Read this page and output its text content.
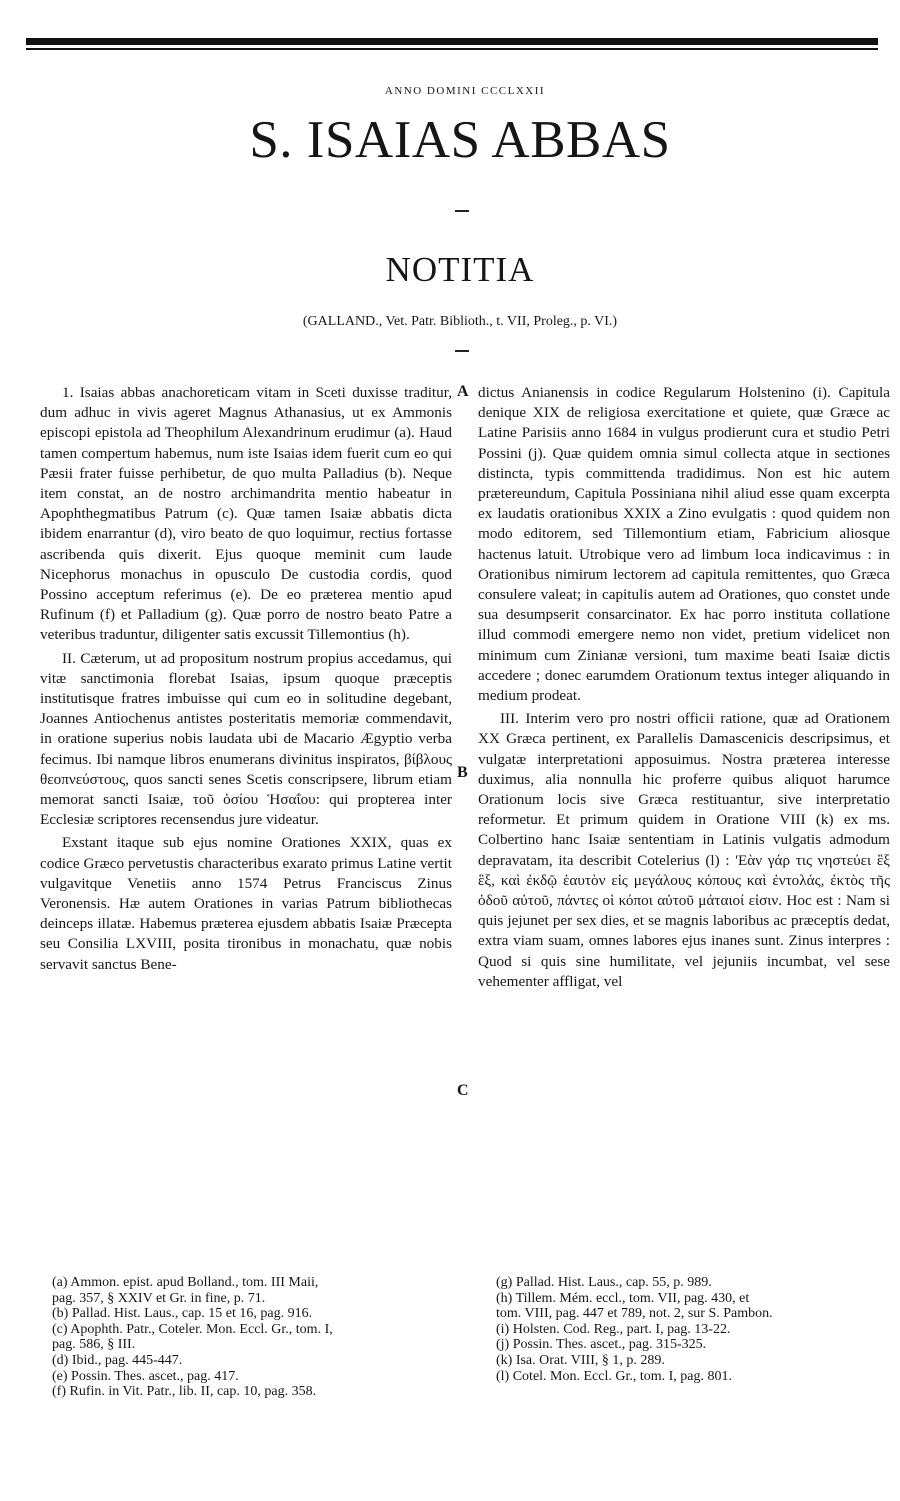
ANNO DOMINI CCCLXXII
S. ISAIAS ABBAS
NOTITIA
(GALLAND., Vet. Patr. Biblioth., t. VII, Proleg., p. VI.)

1. Isaias abbas anachoreticam vitam in Sceti duxisse traditur, dum adhuc in vivis ageret Magnus Athanasius, ut ex Ammonis episcopi epistola ad Theophilum Alexandrinum erudimur (a). Haud tamen compertum habemus, num iste Isaias idem fuerit cum eo qui Pæsii frater fuisse perhibetur, de quo multa Palladius (b). Neque item constat, an de nostro archimandrita mentio habeatur in Apophthegmatibus Patrum (c). Quæ tamen Isaiæ abbatis dicta ibidem enarrantur (d), viro beato de quo loquimur, rectius fortasse ascribenda quis dixerit. Ejus quoque meminit cum laude Nicephorus monachus in opusculo De custodia cordis, quod Possino acceptum referimus (e). De eo præterea mentio apud Rufinum (f) et Palladium (g). Quæ porro de nostro beato Patre a veteribus traduntur, diligenter satis excussit Tillemontius (h).

II. Cæterum, ut ad propositum nostrum propius accedamus, qui vitæ sanctimonia florebat Isaias, ipsum quoque præceptis institutisque fratres imbuisse qui cum eo in solitudine degebant, Joannes Antiochenus antistes posteritatis memoriæ commendavit, in oratione superius nobis laudata ubi de Macario Ægyptio verba fecimus. Ibi namque libros enumerans divinitus inspiratos, βίβλους θεοπνεύστους, quos sancti senes Scetis conscripsere, librum etiam memorat sancti Isaiæ, τοῦ ὁσίου Ἡσαΐου: qui propterea inter Ecclesiæ scriptores recensendus jure videatur.

Exstant itaque sub ejus nomine Orationes XXIX, quas ex codice Græco pervetustis characteribus exarato primus Latine vertit vulgavitque Venetiis anno 1574 Petrus Franciscus Zinus Veronensis. Hæ autem Orationes in varias Patrum bibliothecas deinceps illatæ. Habemus præterea ejusdem abbatis Isaiæ Præcepta seu Consilia LXVIII, posita tironibus in monachatu, quæ nobis servavit sanctus Bene-

A
B
C

dictus Anianensis in codice Regularum Holstenino (i). Capitula denique XIX de religiosa exercitatione et quiete, quæ Græce ac Latine Parisiis anno 1684 in vulgus prodierunt cura et studio Petri Possini (j). Quæ quidem omnia simul collecta atque in sectiones distincta, typis committenda tradidimus. Non est hic autem prætereundum, Capitula Possiniana nihil aliud esse quam excerpta ex laudatis orationibus XXIX a Zino evulgatis : quod quidem non modo editorem, sed Tillemontium etiam, Fabricium aliosque hactenus latuit. Utrobique vero ad limbum loca indicavimus : in Orationibus nimirum lectorem ad capitula remittentes, quo Græca consulere valeat; in capitulis autem ad Orationes, quo constet unde sua desumpserit consarcinator. Ex hac porro instituta collatione illud commodi emergere nemo non videt, pretium videlicet non minimum cum Zinianæ versioni, tum maxime beati Isaiæ dictis accedere ; donec earumdem Orationum textus integer aliquando in medium prodeat.

III. Interim vero pro nostri officii ratione, quæ ad Orationem XX Græca pertinent, ex Parallelis Damascenicis descripsimus, et vulgatæ interpretationi apposuimus. Nostra præterea interesse duximus, alia nonnulla hic proferre quibus aliquot harumce Orationum locis sive Græca restituantur, sive interpretatio reformetur. Et primum quidem in Oratione VIII (k) ex ms. Colbertino hanc Isaiæ sententiam in Latinis vulgatis admodum depravatam, ita describit Cotelerius (l) : 'Εὰν γάρ τις νηστεύει ἓξ ἓξ, καὶ ἐκδῷ ἑαυτὸν εἰς μεγάλους κόπους καὶ ἐντολάς, ἐκτὸς τῆς ὁδοῦ αὐτοῦ, πάντες οἱ κόποι αὐτοῦ μάταιοί εἰσιν. Hoc est : Nam si quis jejunet per sex dies, et se magnis laboribus ac præceptis dedat, extra viam suam, omnes labores ejus inanes sunt. Zinus interpres : Quod si quis sine humilitate, vel jejuniis incumbat, vel sese vehementer affligat, vel

(a) Ammon. epist. apud Bolland., tom. III Maii,
pag. 357, § XXIV et Gr. in fine, p. 71.
(b) Pallad. Hist. Laus., cap. 15 et 16, pag. 916.
(c) Apophth. Patr., Coteler. Mon. Eccl. Gr., tom. I,
pag. 586, § III.
(d) Ibid., pag. 445-447.
(e) Possin. Thes. ascet., pag. 417.
(f) Rufin. in Vit. Patr., lib. II, cap. 10, pag. 358.
(g) Pallad. Hist. Laus., cap. 55, p. 989.
(h) Tillem. Mém. eccl., tom. VII, pag. 430, et
tom. VIII, pag. 447 et 789, not. 2, sur S. Pambon.
(i) Holsten. Cod. Reg., part. I, pag. 13-22.
(j) Possin. Thes. ascet., pag. 315-325.
(k) Isa. Orat. VIII, § 1, p. 289.
(l) Cotel. Mon. Eccl. Gr., tom. I, pag. 801.
